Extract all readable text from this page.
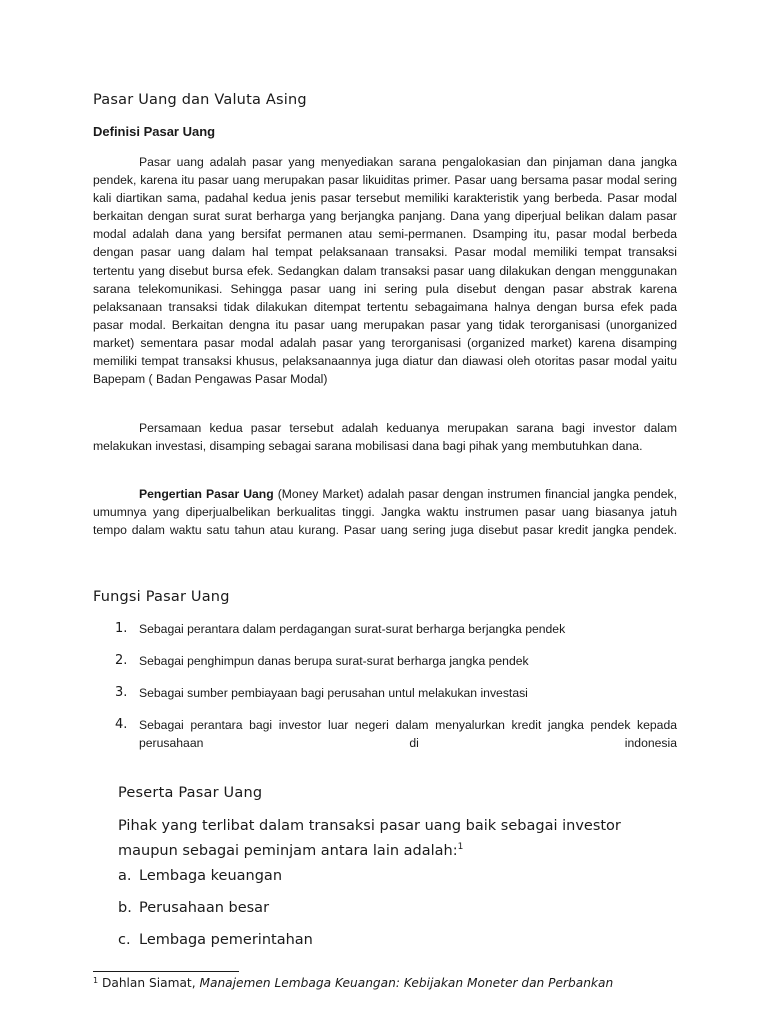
Pasar Uang dan Valuta Asing
Definisi Pasar Uang

Pasar uang adalah pasar yang menyediakan sarana pengalokasian dan pinjaman dana jangka pendek, karena itu pasar uang merupakan pasar likuiditas primer. Pasar uang bersama pasar modal sering kali diartikan sama, padahal kedua jenis pasar tersebut memiliki karakteristik yang berbeda. Pasar modal berkaitan dengan surat surat berharga yang berjangka panjang. Dana yang diperjual belikan dalam pasar modal adalah dana yang bersifat permanen atau semi-permanen. Dsamping itu, pasar modal berbeda dengan pasar uang dalam hal tempat pelaksanaan transaksi. Pasar modal memiliki tempat transaksi tertentu yang disebut bursa efek. Sedangkan dalam transaksi pasar uang dilakukan dengan menggunakan sarana telekomunikasi. Sehingga pasar uang ini sering pula disebut dengan pasar abstrak karena pelaksanaan transaksi tidak dilakukan ditempat tertentu sebagaimana halnya dengan bursa efek pada pasar modal. Berkaitan dengna itu pasar uang merupakan pasar yang tidak terorganisasi (unorganized market) sementara pasar modal adalah pasar yang terorganisasi (organized market) karena disamping memiliki tempat transaksi khusus, pelaksanaannya juga diatur dan diawasi oleh otoritas pasar modal yaitu Bapepam ( Badan Pengawas Pasar Modal)

Persamaan kedua pasar tersebut adalah keduanya merupakan sarana bagi investor dalam melakukan investasi, disamping sebagai sarana mobilisasi dana bagi pihak yang membutuhkan dana.

Pengertian Pasar Uang (Money Market) adalah pasar dengan instrumen financial jangka pendek, umumnya yang diperjualbelikan berkualitas tinggi. Jangka waktu instrumen pasar uang biasanya jatuh tempo dalam waktu satu tahun atau kurang. Pasar uang sering juga disebut pasar kredit jangka pendek.

Fungsi Pasar Uang
1. Sebagai perantara dalam perdagangan surat-surat berharga berjangka pendek
2. Sebagai penghimpun danas berupa surat-surat berharga jangka pendek
3. Sebagai sumber pembiayaan bagi perusahan untul melakukan investasi
4. Sebagai perantara bagi investor luar negeri dalam menyalurkan kredit jangka pendek kepada perusahaan di indonesia
Peserta Pasar Uang

Pihak yang terlibat dalam transaksi pasar uang baik sebagai investor maupun sebagai peminjam antara lain adalah:$^1$

a. Lembaga keuangan
b. Perusahaan besar
c. Lembaga pemerintahan
$^1$ Dahlan Siamat, Manajemen Lembaga Keuangan: Kebijakan Moneter dan Perbankan
